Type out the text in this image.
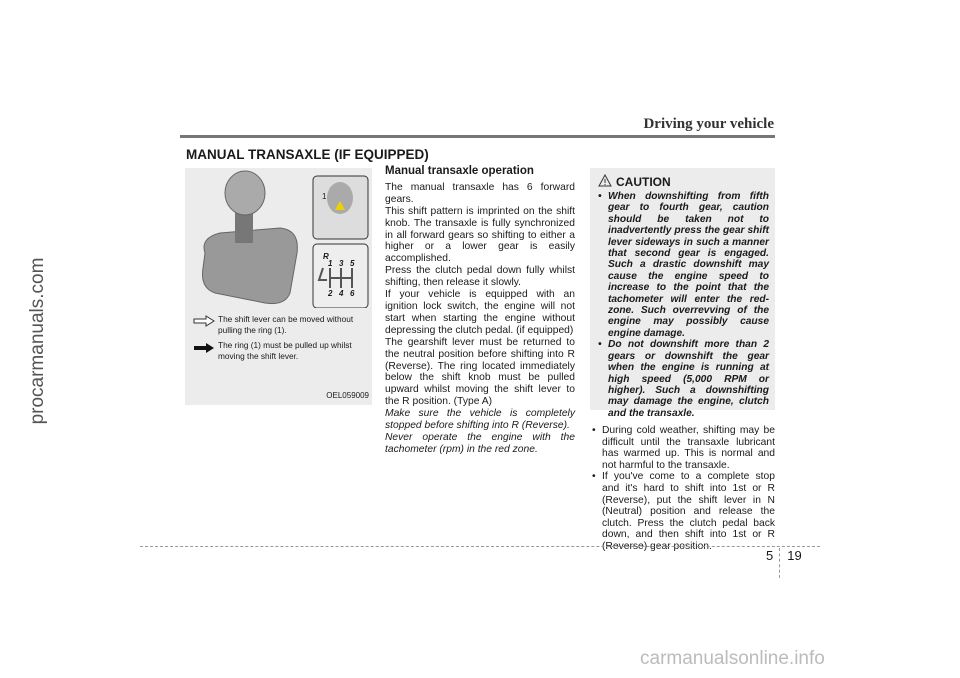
Driving your vehicle
MANUAL TRANSAXLE (IF EQUIPPED)
1
R
1 3 5
2 4 6
The shift lever can be moved without pulling the ring (1).
The ring (1) must be pulled up whilst moving the shift lever.
OEL059009
Manual transaxle operation

The manual transaxle has 6 forward gears.

This shift pattern is imprinted on the shift knob. The transaxle is fully synchronized in all forward gears so shifting to either a higher or a lower gear is easily accomplished.

Press the clutch pedal down fully whilst shifting, then release it slowly.

If your vehicle is equipped with an ignition lock switch, the engine will not start when starting the engine without depressing the clutch pedal. (if equipped)

The gearshift lever must be returned to the neutral position before shifting into R (Reverse). The ring located immediately below the shift knob must be pulled upward whilst moving the shift lever to the R position. (Type A)

Make sure the vehicle is completely stopped before shifting into R (Reverse).

Never operate the engine with the tachometer (rpm) in the red zone.

CAUTION
• When downshifting from fifth gear to fourth gear, caution should be taken not to inadvertently press the gear shift lever sideways in such a manner that second gear is engaged. Such a drastic downshift may cause the engine speed to increase to the point that the tachometer will enter the red-zone. Such overrevving of the engine may possibly cause engine damage.
• Do not downshift more than 2 gears or downshift the gear when the engine is running at high speed (5,000 RPM or higher). Such a downshifting may damage the engine, clutch and the transaxle.
• During cold weather, shifting may be difficult until the transaxle lubricant has warmed up. This is normal and not harmful to the transaxle.
• If you've come to a complete stop and it's hard to shift into 1st or R (Reverse), put the shift lever in N (Neutral) position and release the clutch. Press the clutch pedal back down, and then shift into 1st or R (Reverse) gear position.
5 19
procarmanuals.com
carmanualsonline.info
